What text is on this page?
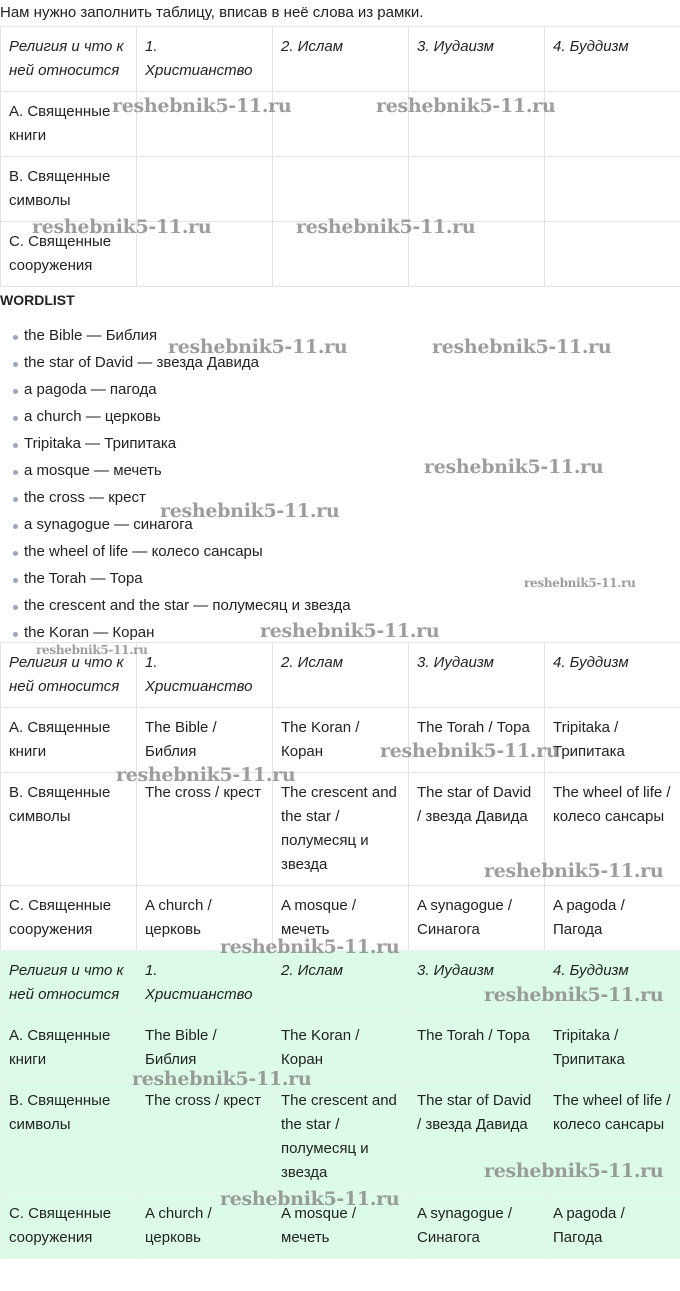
Нам нужно заполнить таблицу, вписав в неё слова из рамки.
Религия и что к ней относится	1. Христианство	2. Ислам	3. Иудаизм	4. Буддизм
A. Священные книги				
B. Священные символы				
C. Священные сооружения				
WORDLIST
the Bible — Библия
the star of David — звезда Давида
a pagoda — пагода
a church — церковь
Tripitaka — Трипитака
a mosque — мечеть
the cross — крест
a synagogue — синагога
the wheel of life — колесо сансары
the Torah — Тора
the crescent and the star — полумесяц и звезда
the Koran — Коран
Религия и что к ней относится	1. Христианство	2. Ислам	3. Иудаизм	4. Буддизм
A. Священные книги	The Bible / Библия	The Koran / Коран	The Torah / Тора	Tripitaka / Трипитака
B. Священные символы	The cross / крест	The crescent and the star / полумесяц и звезда	The star of David / звезда Давида	The wheel of life / колесо сансары
C. Священные сооружения	A church / церковь	A mosque / мечеть	A synagogue / Синагога	A pagoda / Пагода
Религия и что к ней относится	1. Христианство	2. Ислам	3. Иудаизм	4. Буддизм
A. Священные книги	The Bible / Библия	The Koran / Коран	The Torah / Тора	Tripitaka / Трипитака
B. Священные символы	The cross / крест	The crescent and the star / полумесяц и звезда	The star of David / звезда Давида	The wheel of life / колесо сансары
C. Священные сооружения	A church / церковь	A mosque / мечеть	A synagogue / Синагога	A pagoda / Пагода
reshebnik5-11.ru	reshebnik5-11.ru
reshebnik5-11.ru	reshebnik5-11.ru
reshebnik5-11.ru	reshebnik5-11.ru
reshebnik5-11.ru
reshebnik5-11.ru
reshebnik5-11.ru
reshebnik5-11.ru
reshebnik5-11.ru
reshebnik5-11.ru
reshebnik5-11.ru
reshebnik5-11.ru
reshebnik5-11.ru
reshebnik5-11.ru
reshebnik5-11.ru
reshebnik5-11.ru
reshebnik5-11.ru
